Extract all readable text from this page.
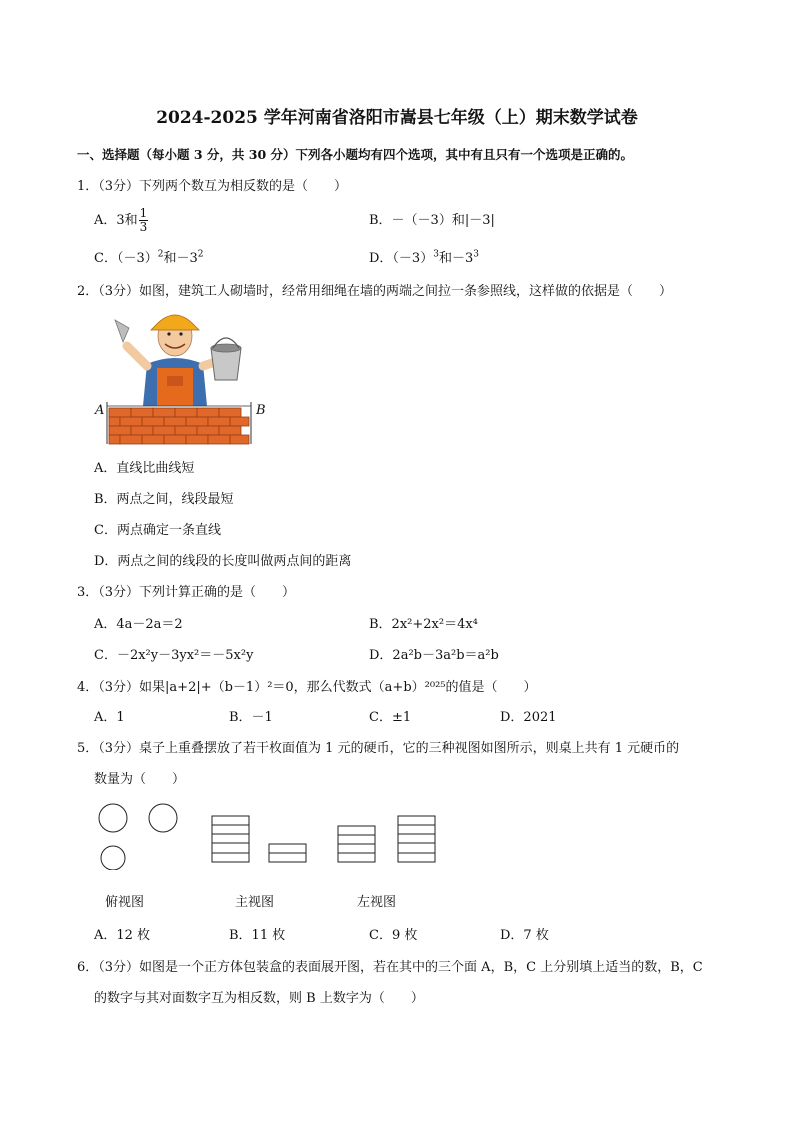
2024-2025 学年河南省洛阳市嵩县七年级（上）期末数学试卷
一、选择题（每小题 3 分，共 30 分）下列各小题均有四个选项，其中有且只有一个选项是正确的。
1．（3分）下列两个数互为相反数的是（　　）
A．3和 $\frac{1}{3}$	B．－（－3）和|－3|
C．$(-3)^2$和$-3^2$	D．$(-3)^3$和$-3^3$
2．（3分）如图，建筑工人砌墙时，经常用细绳在墙的两端之间拉一条参照线，这样做的依据是（　　）
A	B
A．直线比曲线短
B．两点之间，线段最短
C．两点确定一条直线
D．两点之间的线段的长度叫做两点间的距离
3．（3分）下列计算正确的是（　　）
A．4a－2a＝2	B．2x²+2x²＝4x⁴
C．－2x²y－3yx²＝－5x²y	D．2a²b－3a²b＝a²b
4．（3分）如果|a+2|+（b－1）²＝0，那么代数式（a+b）²⁰²⁵的值是（　　）
A．1	B．－1	C．±1	D．2021
5．（3分）桌子上重叠摆放了若干枚面值为 1 元的硬币，它的三种视图如图所示，则桌上共有 1 元硬币的
数量为（　　）
俯视图	主视图	左视图
A．12 枚	B．11 枚	C．9 枚	D．7 枚
6．（3分）如图是一个正方体包装盒的表面展开图，若在其中的三个面 A，B，C 上分别填上适当的数，B，C
的数字与其对面数字互为相反数，则 B 上数字为（　　）
